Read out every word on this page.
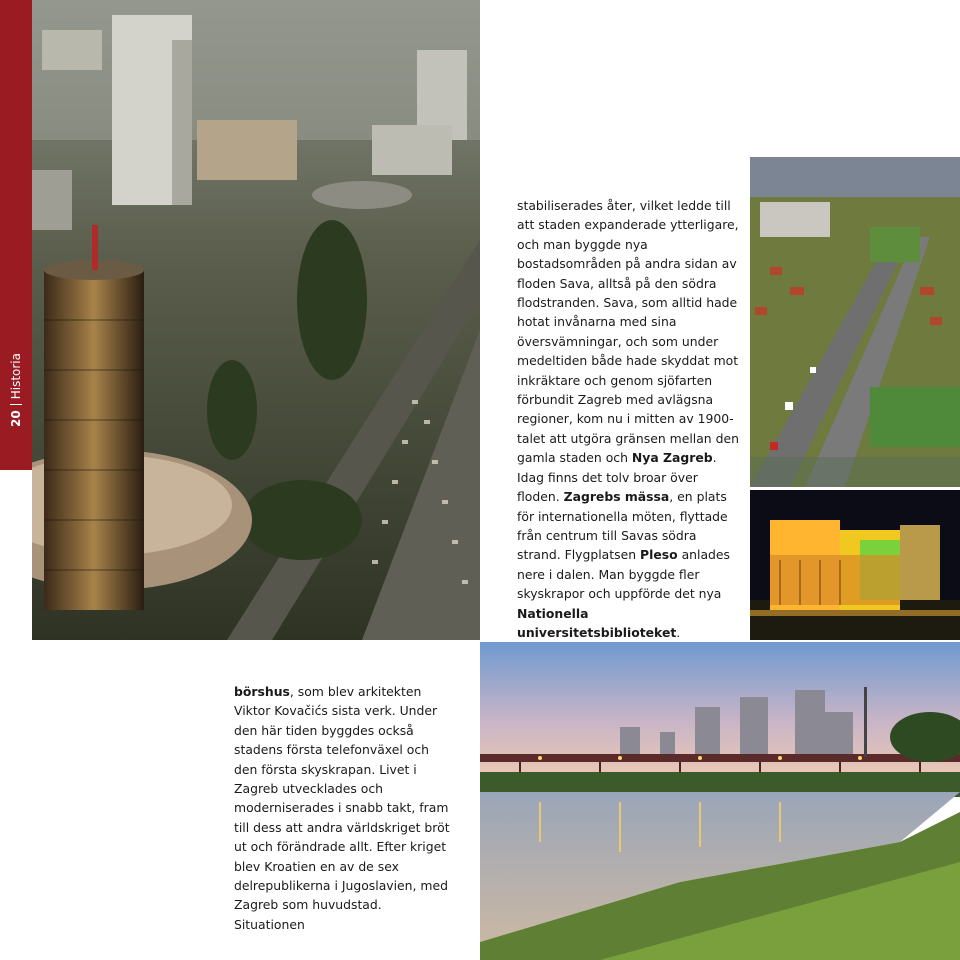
20
Historia

stabiliserades åter, vilket ledde till att staden expanderade ytterligare, och man byggde nya bostadsområden på andra sidan av floden Sava, alltså på den södra flodstranden. Sava, som alltid hade hotat invånarna med sina översvämningar, och som under medeltiden både hade skyddat mot inkräktare och genom sjöfarten förbundit Zagreb med avlägsna regioner, kom nu i mitten av 1900-talet att utgöra gränsen mellan den gamla staden och Nya Zagreb. Idag finns det tolv broar över floden. Zagrebs mässa, en plats för internationella möten, flyttade från centrum till Savas södra strand. Flygplatsen Pleso anlades nere i dalen. Man byggde fler skyskrapor och uppförde det nya Nationella universitetsbiblioteket.

börshus, som blev arkitekten Viktor Kovačićs sista verk. Under den här tiden byggdes också stadens första telefonväxel och den första skyskrapan. Livet i Zagreb utvecklades och moderniserades i snabb takt, fram till dess att andra världskriget bröt ut och förändrade allt. Efter kriget blev Kroatien en av de sex delrepublikerna i Jugoslavien, med Zagreb som huvudstad. Situationen
